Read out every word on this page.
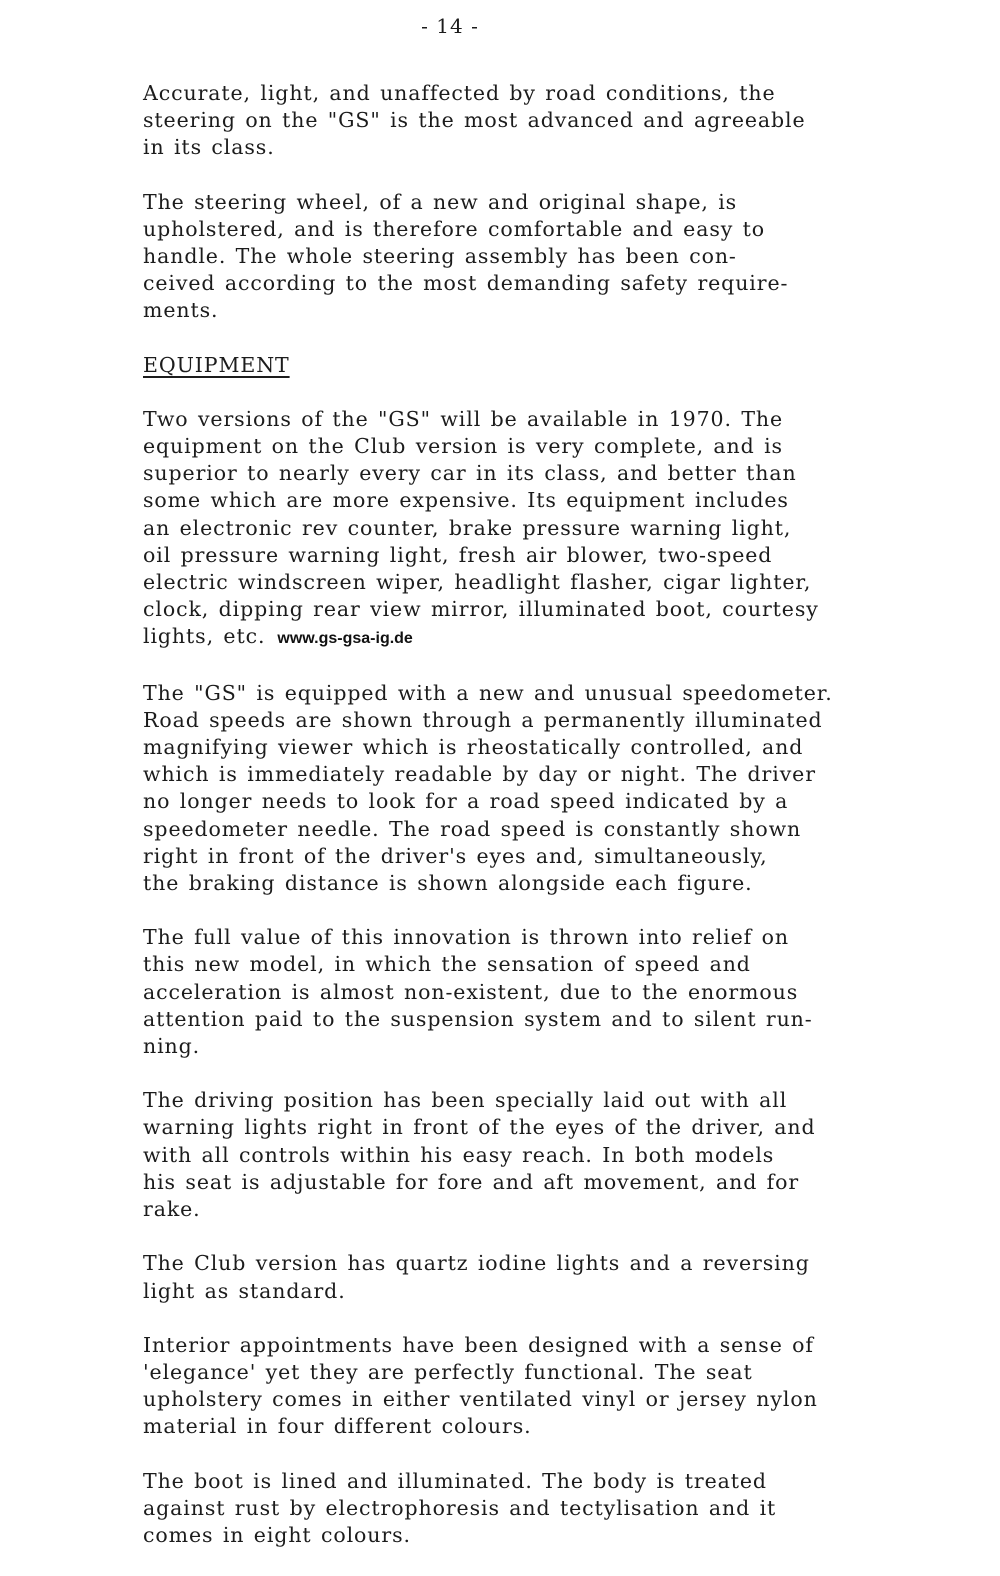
- 14 -

Accurate, light, and unaffected by road conditions, the
steering on the "GS" is the most advanced and agreeable
in its class.

The steering wheel, of a new and original shape, is
upholstered, and is therefore comfortable and easy to
handle. The whole steering assembly has been con-
ceived according to the most demanding safety require-
ments.

EQUIPMENT

Two versions of the "GS" will be available in 1970. The
equipment on the Club version is very complete, and is
superior to nearly every car in its class, and better than
some which are more expensive. Its equipment includes
an electronic rev counter, brake pressure warning light,
oil pressure warning light, fresh air blower, two-speed
electric windscreen wiper, headlight flasher, cigar lighter,
clock, dipping rear view mirror, illuminated boot, courtesy
lights, etc. www.gs-gsa-ig.de

The "GS" is equipped with a new and unusual speedometer.
Road speeds are shown through a permanently illuminated
magnifying viewer which is rheostatically controlled, and
which is immediately readable by day or night. The driver
no longer needs to look for a road speed indicated by a
speedometer needle. The road speed is constantly shown
right in front of the driver's eyes and, simultaneously,
the braking distance is shown alongside each figure.

The full value of this innovation is thrown into relief on
this new model, in which the sensation of speed and
acceleration is almost non-existent, due to the enormous
attention paid to the suspension system and to silent run-
ning.

The driving position has been specially laid out with all
warning lights right in front of the eyes of the driver, and
with all controls within his easy reach. In both models
his seat is adjustable for fore and aft movement, and for
rake.

The Club version has quartz iodine lights and a reversing
light as standard.

Interior appointments have been designed with a sense of
'elegance' yet they are perfectly functional. The seat
upholstery comes in either ventilated vinyl or jersey nylon
material in four different colours.

The boot is lined and illuminated. The body is treated
against rust by electrophoresis and tectylisation and it
comes in eight colours.
